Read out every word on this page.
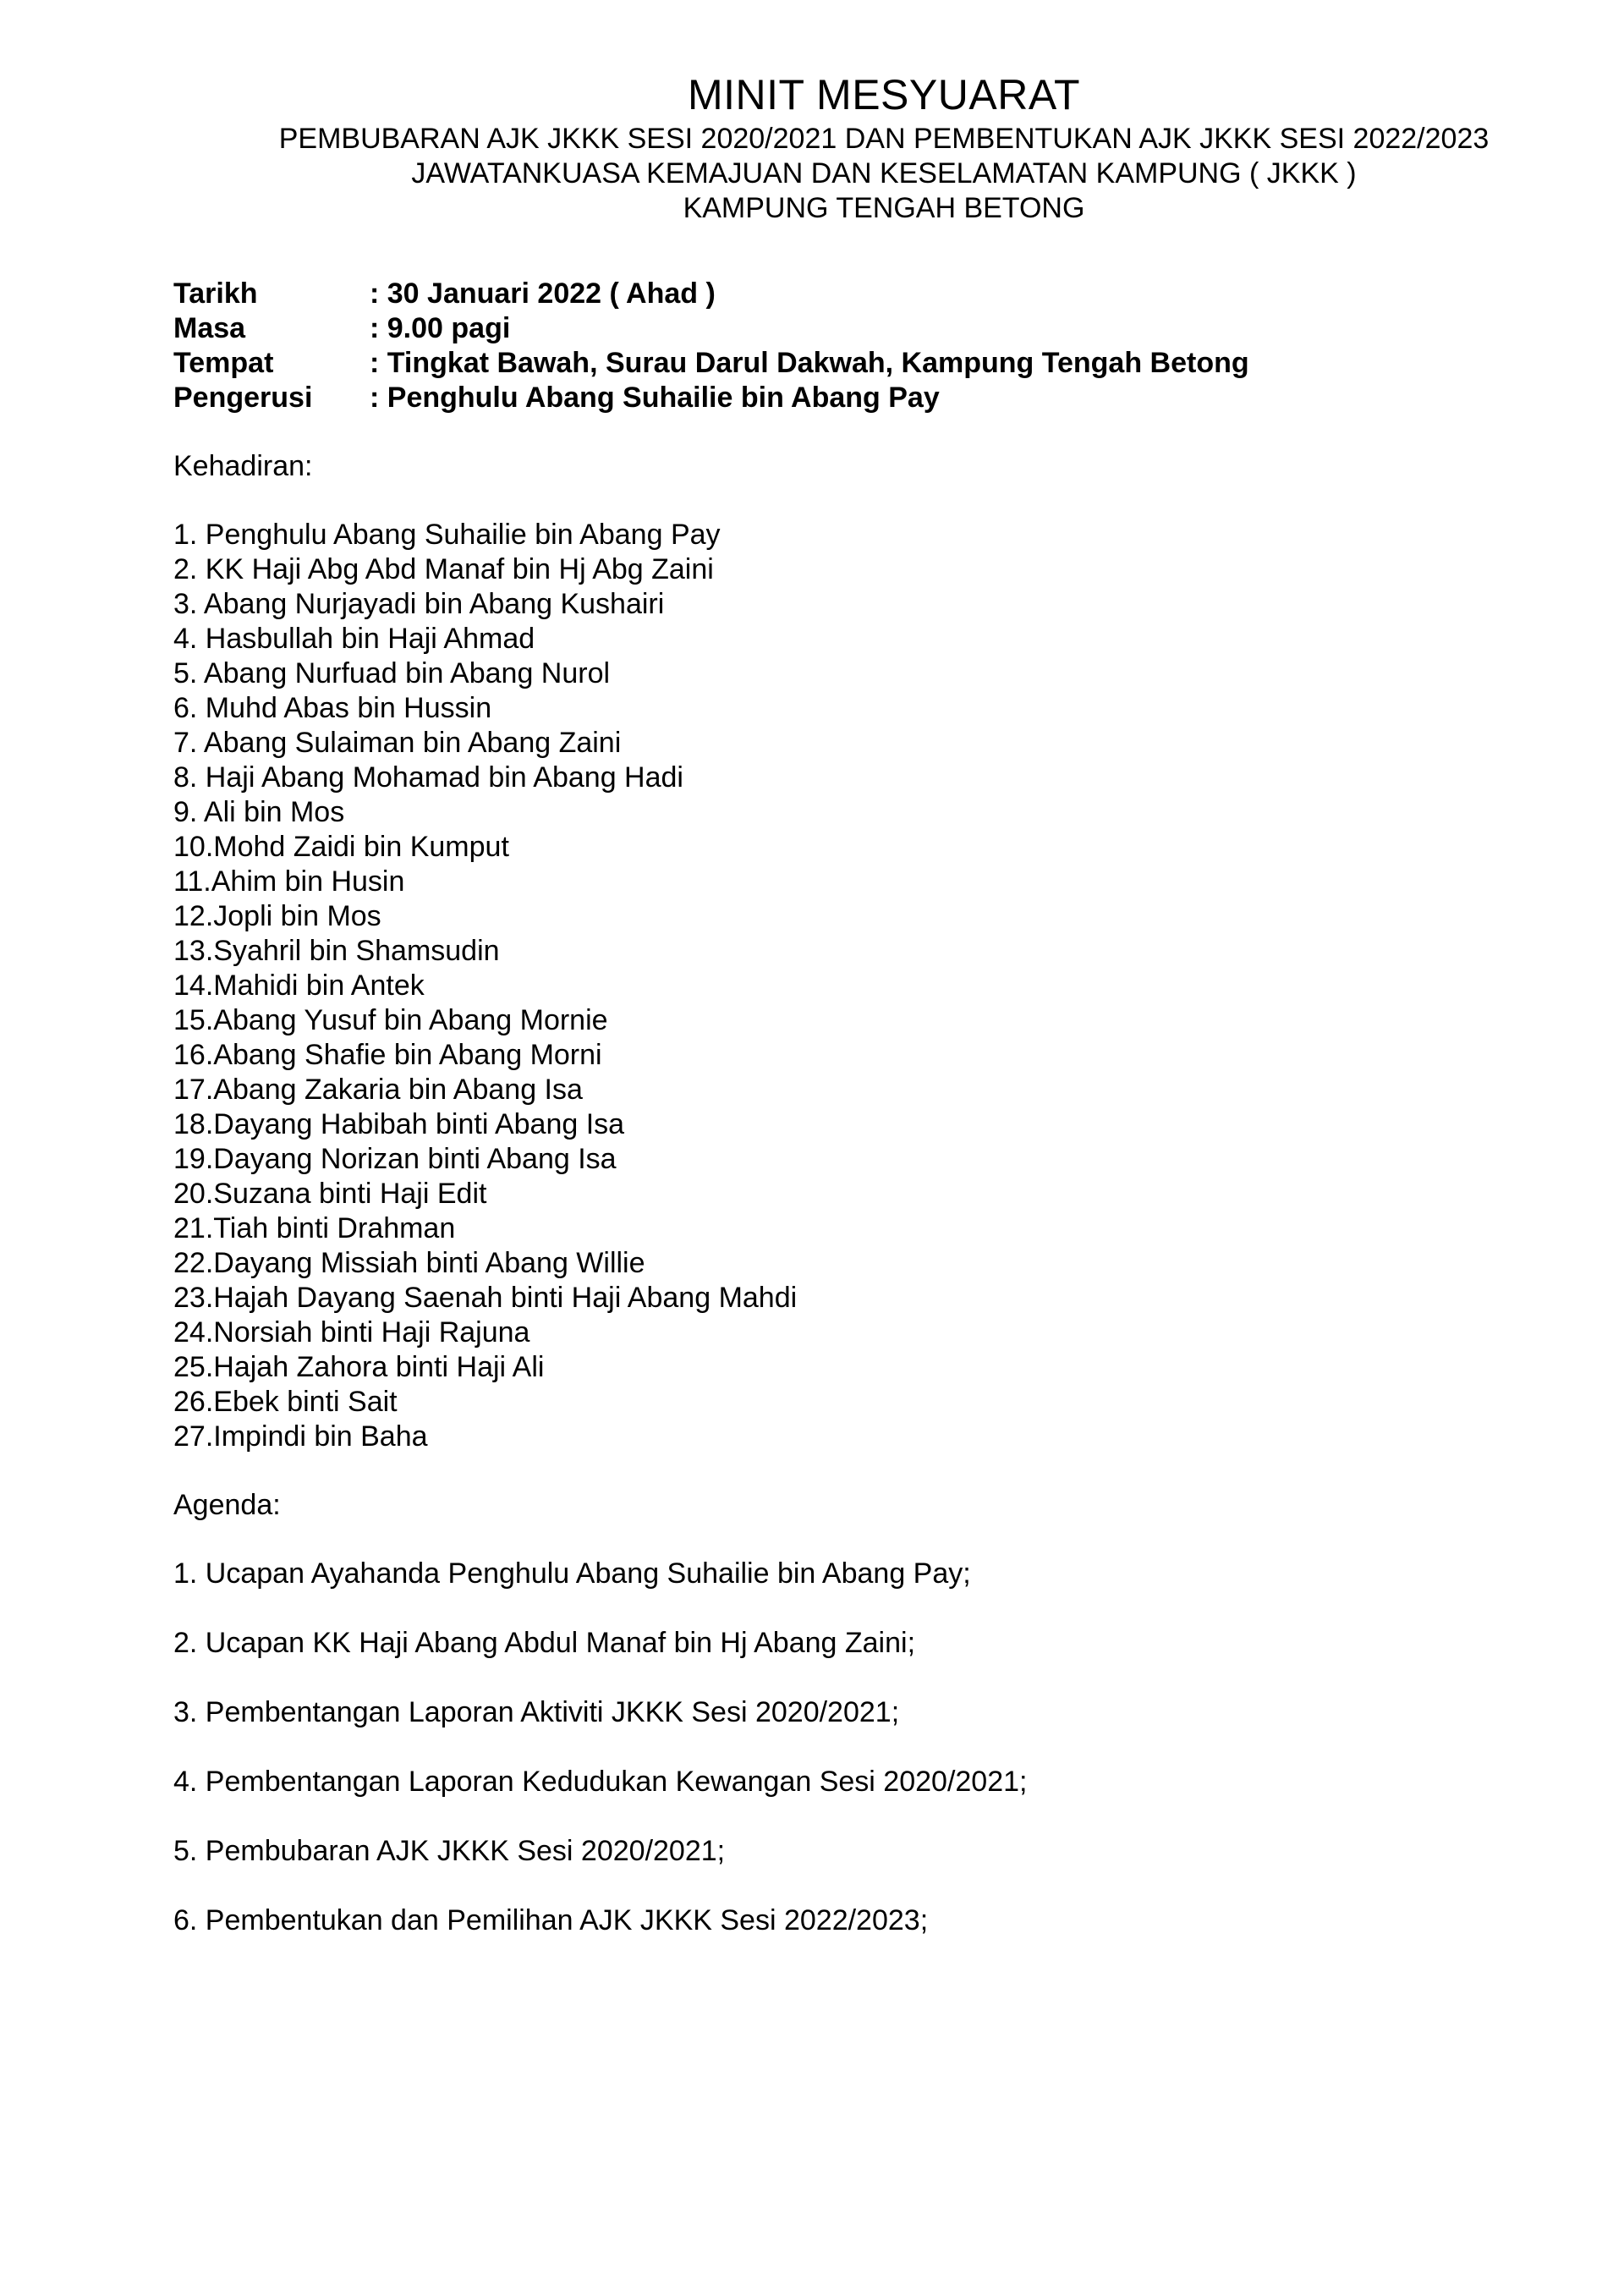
MINIT MESYUARAT

PEMBUBARAN AJK JKKK SESI 2020/2021 DAN PEMBENTUKAN AJK JKKK SESI 2022/2023

JAWATANKUASA KEMAJUAN DAN KESELAMATAN KAMPUNG ( JKKK )

KAMPUNG TENGAH BETONG

Tarikh	: 30 Januari 2022 ( Ahad )
Masa	: 9.00 pagi
Tempat	: Tingkat Bawah, Surau Darul Dakwah, Kampung Tengah Betong
Pengerusi	: Penghulu Abang Suhailie bin Abang Pay
Kehadiran:
1. Penghulu Abang Suhailie bin Abang Pay
2. KK Haji Abg Abd Manaf bin Hj Abg Zaini
3. Abang Nurjayadi bin Abang Kushairi
4. Hasbullah bin Haji Ahmad
5. Abang Nurfuad bin Abang Nurol
6. Muhd Abas bin Hussin
7. Abang Sulaiman bin Abang Zaini
8. Haji Abang Mohamad bin Abang Hadi
9. Ali bin Mos
10.Mohd Zaidi bin Kumput
11.Ahim bin Husin
12.Jopli bin Mos
13.Syahril bin Shamsudin
14.Mahidi bin Antek
15.Abang Yusuf bin Abang Mornie
16.Abang Shafie bin Abang Morni
17.Abang Zakaria bin Abang Isa
18.Dayang Habibah binti Abang Isa
19.Dayang Norizan binti Abang Isa
20.Suzana binti Haji Edit
21.Tiah binti Drahman
22.Dayang Missiah binti Abang Willie
23.Hajah Dayang Saenah binti Haji Abang Mahdi
24.Norsiah binti Haji Rajuna
25.Hajah Zahora binti Haji Ali
26.Ebek binti Sait
27.Impindi bin Baha
Agenda:
1. Ucapan Ayahanda Penghulu Abang Suhailie bin Abang Pay;
2. Ucapan KK Haji Abang Abdul Manaf bin Hj Abang Zaini;
3. Pembentangan Laporan Aktiviti JKKK Sesi 2020/2021;
4. Pembentangan Laporan Kedudukan Kewangan Sesi 2020/2021;
5. Pembubaran AJK JKKK Sesi 2020/2021;
6. Pembentukan dan Pemilihan AJK JKKK Sesi 2022/2023;
